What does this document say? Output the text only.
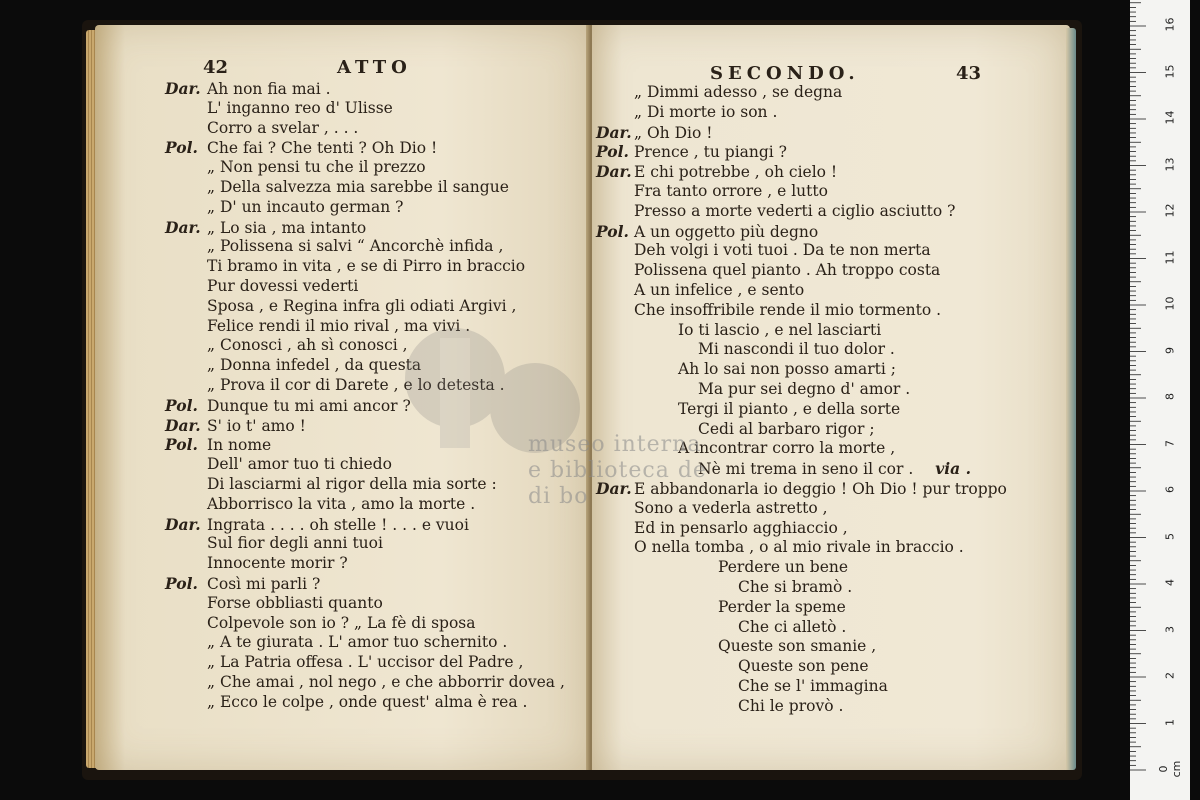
42	ATTO
Dar. Ah non fia mai .
L' inganno reo d' Ulisse
Corro a svelar , . . .
Pol. Che fai ? Che tenti ? Oh Dio !
„ Non pensi tu che il prezzo
„ Della salvezza mia sarebbe il sangue
„ D' un incauto german ?
Dar. „ Lo sia , ma intanto
„ Polissena si salvi “ Ancorchè infida ,
Ti bramo in vita , e se di Pirro in braccio
Pur dovessi vederti
Sposa , e Regina infra gli odiati Argivi ,
Felice rendi il mio rival , ma vivi .
„ Conosci , ah sì conosci ,
„ Donna infedel , da questa
„ Prova il cor di Darete , e lo detesta .
Pol. Dunque tu mi ami ancor ?
Dar. S' io t' amo !
Pol. In nome
Dell' amor tuo ti chiedo
Di lasciarmi al rigor della mia sorte :
Abborrisco la vita , amo la morte .
Dar. Ingrata . . . . oh stelle ! . . . e vuoi
Sul fior degli anni tuoi
Innocente morir ?
Pol. Così mi parli ?
Forse obbliasti quanto
Colpevole son io ? „ La fè di sposa
„ A te giurata . L' amor tuo schernito .
„ La Patria offesa . L' uccisor del Padre ,
„ Che amai , nol nego , e che abborrir dovea ,
„ Ecco le colpe , onde quest' alma è rea .
SECONDO.	43
„ Dimmi adesso , se degna
„ Di morte io son .
Dar. „ Oh Dio !
Pol. Prence , tu piangi ?
Dar. E chi potrebbe , oh cielo !
Fra tanto orrore , e lutto
Presso a morte vederti a ciglio asciutto ?
Pol. A un oggetto più degno
Deh volgi i voti tuoi . Da te non merta
Polissena quel pianto . Ah troppo costa
A un infelice , e sento
Che insoffribile rende il mio tormento .
Io ti lascio , e nel lasciarti
Mi nascondi il tuo dolor .
Ah lo sai non posso amarti ;
Ma pur sei degno d' amor .
Tergi il pianto , e della sorte
Cedi al barbaro rigor ;
A incontrar corro la morte ,
Nè mi trema in seno il cor . via .
Dar. E abbandonarla io deggio ! Oh Dio ! pur troppo
Sono a vederla astretto ,
Ed in pensarlo agghiaccio ,
O nella tomba , o al mio rivale in braccio .
Perdere un bene
Che si bramò .
Perder la speme
Che ci alletò .
Queste son smanie ,
Queste son pene
Che se l' immagina
Chi le provò .
museo interna
e biblioteca de
di bo
0 cm
1
2
3
4
5
6
7
8
9
10
11
12
13
14
15
16
